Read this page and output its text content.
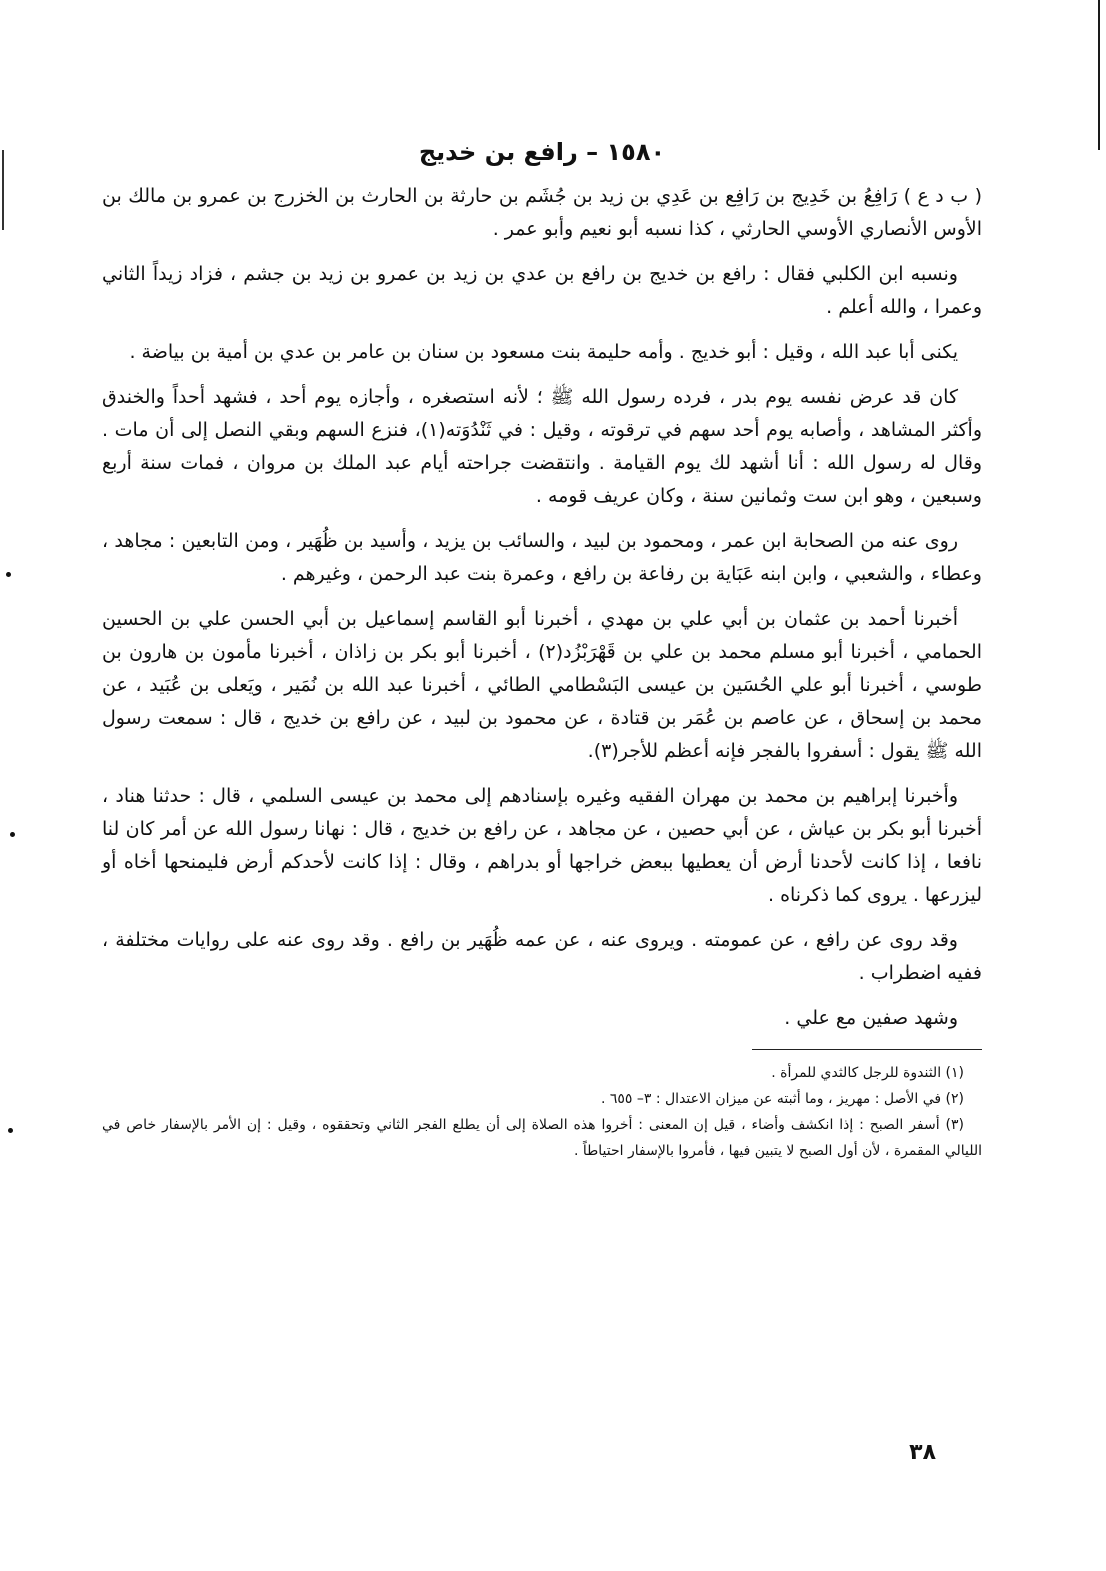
١٥٨٠ – رافع بن خديج

( ب د ع ) رَافِعُ بن خَدِيج بن رَافِع بن عَدِي بن زيد بن جُشَم بن حارثة بن الحارث بن الخزرج بن عمرو بن مالك بن الأوس الأنصاري الأوسي الحارثي ، كذا نسبه أبو نعيم وأبو عمر .

ونسبه ابن الكلبي فقال : رافع بن خديج بن رافع بن عدي بن زيد بن عمرو بن زيد بن جشم ، فزاد زيداً الثاني وعمرا ، والله أعلم .

يكنى أبا عبد الله ، وقيل : أبو خديج . وأمه حليمة بنت مسعود بن سنان بن عامر بن عدي بن أمية بن بياضة .

كان قد عرض نفسه يوم بدر ، فرده رسول الله ﷺ ؛ لأنه استصغره ، وأجازه يوم أحد ، فشهد أحداً والخندق وأكثر المشاهد ، وأصابه يوم أحد سهم في ترقوته ، وقيل : في ثَنْدُوَته(١)، فنزع السهم وبقي النصل إلى أن مات . وقال له رسول الله : أنا أشهد لك يوم القيامة . وانتقضت جراحته أيام عبد الملك بن مروان ، فمات سنة أربع وسبعين ، وهو ابن ست وثمانين سنة ، وكان عريف قومه .

روى عنه من الصحابة ابن عمر ، ومحمود بن لبيد ، والسائب بن يزيد ، وأسيد بن ظُهَير ، ومن التابعين : مجاهد ، وعطاء ، والشعبي ، وابن ابنه عَبَاية بن رفاعة بن رافع ، وعمرة بنت عبد الرحمن ، وغيرهم .

أخبرنا أحمد بن عثمان بن أبي علي بن مهدي ، أخبرنا أبو القاسم إسماعيل بن أبي الحسن علي بن الحسين الحمامي ، أخبرنا أبو مسلم محمد بن علي بن قَهْرَبْزُد(٢) ، أخبرنا أبو بكر بن زاذان ، أخبرنا مأمون بن هارون بن طوسي ، أخبرنا أبو علي الحُسَين بن عيسى البَسْطامي الطائي ، أخبرنا عبد الله بن نُمَير ، ويَعلى بن عُبَيد ، عن محمد بن إسحاق ، عن عاصم بن عُمَر بن قتادة ، عن محمود بن لبيد ، عن رافع بن خديج ، قال : سمعت رسول الله ﷺ يقول : أسفروا بالفجر فإنه أعظم للأجر(٣).

وأخبرنا إبراهيم بن محمد بن مهران الفقيه وغيره بإسنادهم إلى محمد بن عيسى السلمي ، قال : حدثنا هناد ، أخبرنا أبو بكر بن عياش ، عن أبي حصين ، عن مجاهد ، عن رافع بن خديج ، قال : نهانا رسول الله عن أمر كان لنا نافعا ، إذا كانت لأحدنا أرض أن يعطيها ببعض خراجها أو بدراهم ، وقال : إذا كانت لأحدكم أرض فليمنحها أخاه أو ليزرعها . يروى كما ذكرناه .

وقد روى عن رافع ، عن عمومته . ويروى عنه ، عن عمه ظُهَير بن رافع . وقد روى عنه على روايات مختلفة ، ففيه اضطراب .

وشهد صفين مع علي .

(١) الثندوة للرجل كالثدي للمرأة .

(٢) في الأصل : مهريز ، وما أثبته عن ميزان الاعتدال : ٣– ٦٥٥ .

(٣) أسفر الصبح : إذا انكشف وأضاء ، قيل إن المعنى : أخروا هذه الصلاة إلى أن يطلع الفجر الثاني وتحققوه ، وقيل : إن الأمر بالإسفار خاص في الليالي المقمرة ، لأن أول الصبح لا يتبين فيها ، فأمروا بالإسفار احتياطاً .

٣٨
